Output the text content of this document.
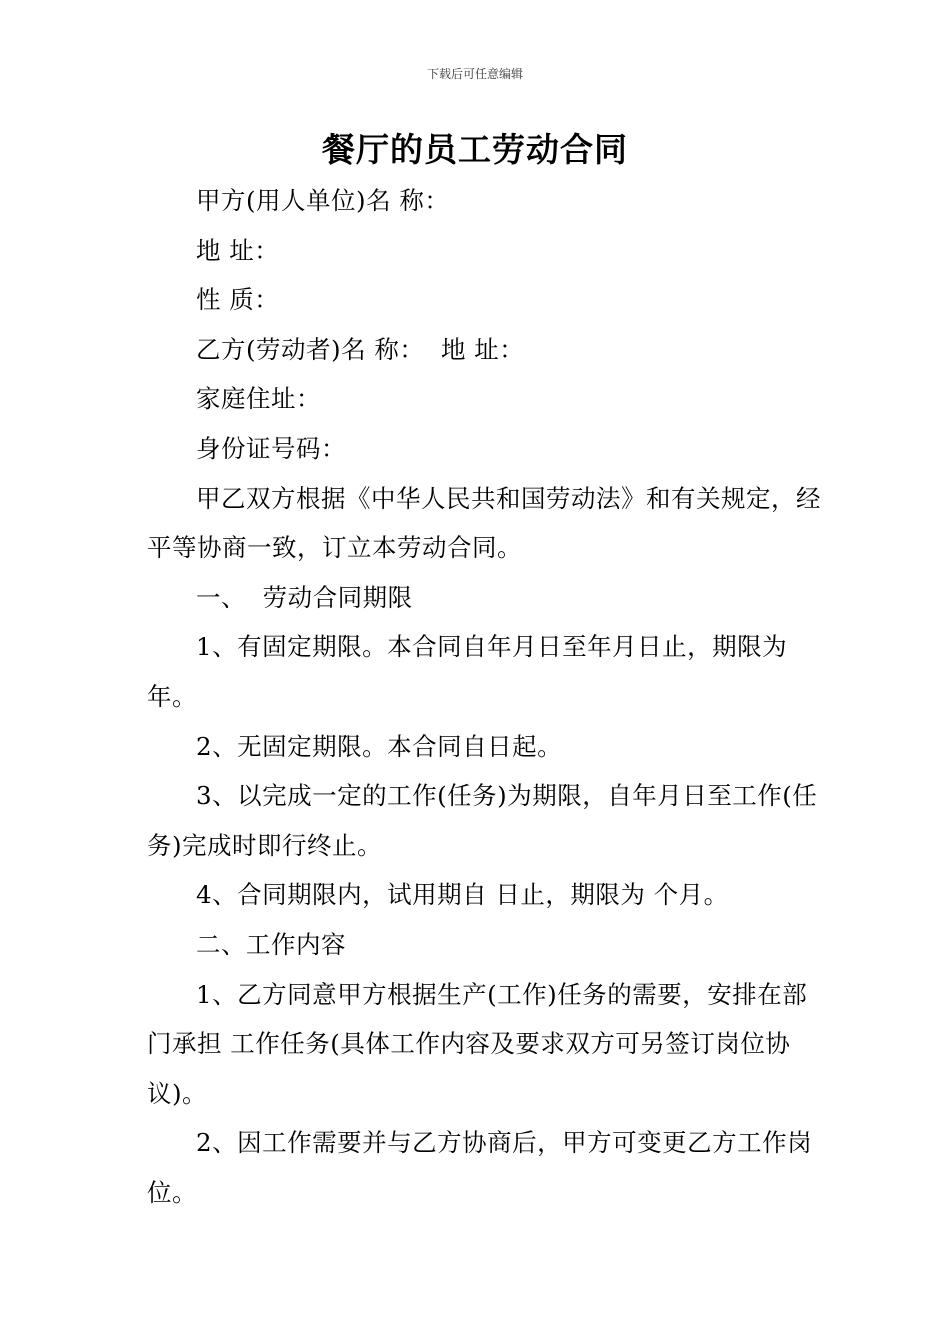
下载后可任意编辑
餐厅的员工劳动合同

甲方(用人单位)名 称：

地 址：

性 质：

乙方(劳动者)名 称：  地 址：

家庭住址：

身份证号码：

甲乙双方根据《中华人民共和国劳动法》和有关规定，经平等协商一致，订立本劳动合同。

一、  劳动合同期限

1、有固定期限。本合同自年月日至年月日止，期限为年。

2、无固定期限。本合同自日起。

3、以完成一定的工作(任务)为期限，自年月日至工作(任务)完成时即行终止。

4、合同期限内，试用期自 日止，期限为 个月。

二、工作内容

1、乙方同意甲方根据生产(工作)任务的需要，安排在部门承担 工作任务(具体工作内容及要求双方可另签订岗位协议)。

2、因工作需要并与乙方协商后，甲方可变更乙方工作岗位。
